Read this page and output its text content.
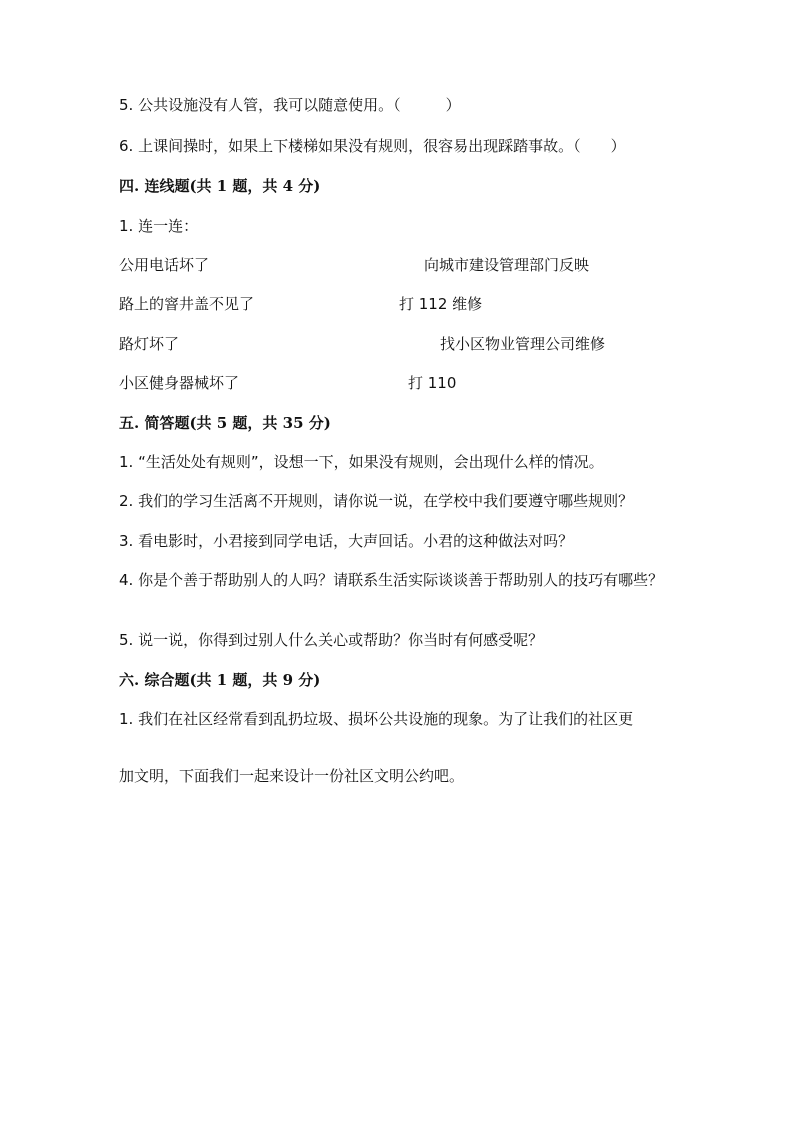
5. 公共设施没有人管，我可以随意使用。（　　　）
6. 上课间操时，如果上下楼梯如果没有规则，很容易出现踩踏事故。（　　）
四. 连线题(共 1 题，共 4 分)
1. 连一连：
公用电话坏了	向城市建设管理部门反映
路上的窨井盖不见了	打 112 维修
路灯坏了	找小区物业管理公司维修
小区健身器械坏了	打 110
五. 简答题(共 5 题，共 35 分)
1. “生活处处有规则”，设想一下，如果没有规则，会出现什么样的情况。
2. 我们的学习生活离不开规则，请你说一说，在学校中我们要遵守哪些规则？
3. 看电影时，小君接到同学电话，大声回话。小君的这种做法对吗？
4. 你是个善于帮助别人的人吗？请联系生活实际谈谈善于帮助别人的技巧有哪些？
5. 说一说，你得到过别人什么关心或帮助？你当时有何感受呢？
六. 综合题(共 1 题，共 9 分)
1. 我们在社区经常看到乱扔垃圾、损坏公共设施的现象。为了让我们的社区更
加文明，下面我们一起来设计一份社区文明公约吧。
